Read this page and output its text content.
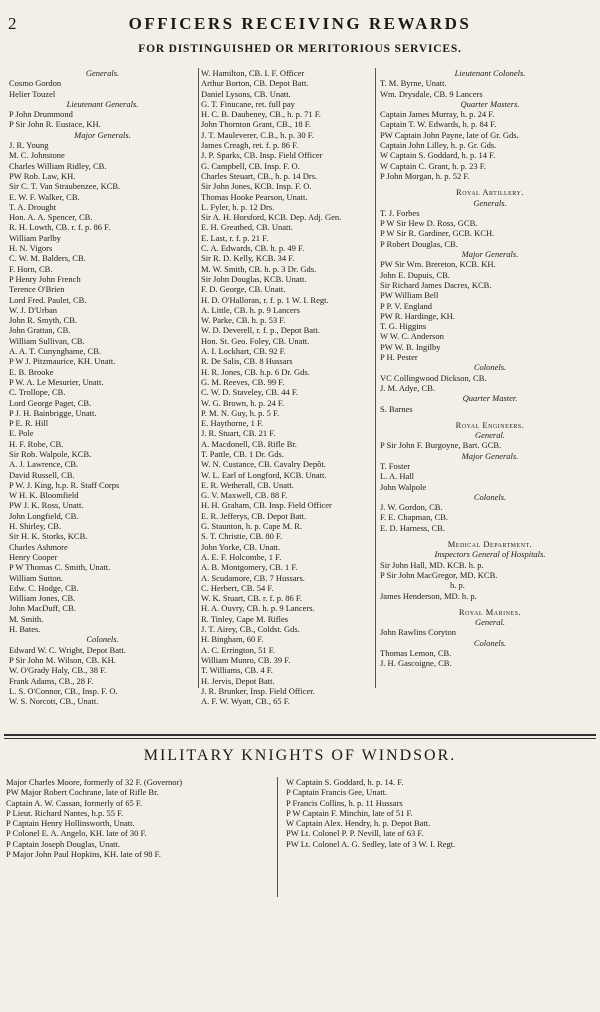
2	OFFICERS RECEIVING REWARDS
FOR DISTINGUISHED OR MERITORIOUS SERVICES.
Generals.
Cosmo Gordon
Helier Touzel
Lieutenant Generals.
P John Drummond
P Sir John R. Eustace, KH.
Major Generals.
J. R. Young
M. C. Johnstone
Charles William Ridley, CB.
PW Rob. Law, KH.
Sir C. T. Van Straubenzee, KCB.
E. W. F. Walker, CB.
T. A. Drought
Hon. A. A. Spencer, CB.
R. H. Lowth, CB. r. f. p. 86 F.
William Parlby
H. N. Vigors
C. W. M. Balders, CB.
F. Horn, CB.
P Henry John French
Terence O'Brien
Lord Fred. Paulet, CB.
W. J. D'Urban
John R. Smyth, CB.
John Grattan, CB.
William Sullivan, CB.
A. A. T. Cunynghame, CB.
P W J. Pitzmaurice, KH. Unatt.
E. B. Brooke
P W. A. Le Mesurier, Unatt.
C. Trollope, CB.
Lord George Paget, CB.
P J. H. Bainbrigge, Unatt.
P E. R. Hill
E. Pole
H. F. Robe, CB.
Sir Rob. Walpole, KCB.
A. J. Lawrence, CB.
David Russell, CB.
P W. J. King, h.p. R. Staff Corps
W H. K. Bloomfield
PW J. K. Ross, Unatt.
John Longfield, CB.
H. Shirley, CB.
Sir H. K. Storks, KCB.
Charles Ashmore
Henry Cooper
P W Thomas C. Smith, Unatt.
William Sutton.
Edw. C. Hodge, CB.
William Jones, CB.
John MacDuff, CB.
M. Smith.
H. Bates.
Colonels.
Edward W. C. Wright, Depot Batt.
P Sir John M. Wilson, CB. KH.
W. O'Grady Haly, CB., 38 F.
Frank Adams, CB., 28 F.
L. S. O'Connor, CB., Insp. F. O.
W. S. Norcott, CB., Unatt.
W. Hamilton, CB. I. F. Officer
Arthur Borton, CB. Depot Batt.
Daniel Lysons, CB. Unatt.
G. T. Finucane, ret. full pay
H. C. B. Daubeney, CB., h. p. 71 F.
John Thornton Grant, CB., 18 F.
J. T. Mauleverer, C.B., h. p. 30 F.
James Creagh, ret. f. p. 86 F.
J. P. Sparks, CB. Insp. Field Officer
G. Campbell, CB. Insp. F. O.
Charles Steuart, CB., h. p. 14 Drs.
Sir John Jones, KCB. Insp. F. O.
Thomas Hooke Pearson, Unatt.
L. Fyler, h. p. 12 Drs.
Sir A. H. Horsford, KCB. Dep. Adj. Gen.
E. H. Greathed, CB. Unatt.
E. Last, r. f. p. 21 F.
C. A. Edwards, CB. h. p. 49 F.
Sir R. D. Kelly, KCB. 34 F.
M. W. Smith, CB. h. p. 3 Dr. Gds.
Sir John Douglas, KCB. Unatt.
F. D. George, CB. Unatt.
H. D. O'Halloran, r. f. p. 1 W. I. Regt.
A. Little, CB. h. p. 9 Lancers
W. Parke, CB. h. p. 53 F.
W. D. Deverell, r. f. p., Depot Batt.
Hon. St. Geo. Foley, CB. Unatt.
A. I. Lockhart, CB. 92 F.
R. De Salis, CB. 8 Hussars
H. R. Jones, CB. h.p. 6 Dr. Gds.
G. M. Reeves, CB. 99 F.
C. W. D. Staveley, CB. 44 F.
W. G. Brown, h. p. 24 F.
P. M. N. Guy, h. p. 5 F.
E. Haythorne, 1 F.
J. R. Stuart, CB. 21 F.
A. Macdonell, CB. Rifle Br.
T. Pattle, CB. 1 Dr. Gds.
W. N. Custance, CB. Cavalry Depôt.
W. L. Earl of Longford, KCB. Unatt.
E. R. Wetherall, CB. Unatt.
G. V. Maxwell, CB. 88 F.
H. H. Graham, CB. Insp. Field Officer
E. R. Jefferys, CB. Depot Batt.
G. Staunton, h. p. Cape M. R.
S. T. Christie, CB. 80 F.
John Yorke, CB. Unatt.
A. E. F. Holcombe, 1 F.
A. B. Montgomery, CB. 1 F.
A. Scudamore, CB. 7 Hussars.
C. Herbert, CB. 54 F.
W. K. Stuart, CB. r. f. p. 86 F.
H. A. Ouvry, CB. h. p. 9 Lancers.
R. Tinley, Cape M. Rifles
J. T. Airey, CB., Coldst. Gds.
H. Bingham, 60 F.
A. C. Errington, 51 F.
William Munro, CB. 39 F.
T. Williams, CB. 4 F.
H. Jervis, Depot Batt.
J. R. Brunker, Insp. Field Officer.
A. F. W. Wyatt, CB., 65 F.
Lieutenant Colonels.
T. M. Byrne, Unatt.
Wm. Drysdale, CB. 9 Lancers
Quarter Masters.
Captain James Murray, h. p. 24 F.
Captain T. W. Edwards, h. p. 84 F.
PW Captain John Payne, late of Gr. Gds.
Captain John Lilley, h. p. Gr. Gds.
W Captain S. Goddard, h. p. 14 F.
W Captain C. Grant, h. p. 23 F.
P John Morgan, h. p. 52 F.
Royal Artillery.
Generals.
T. J. Forbes
P W Sir Hew D. Ross, GCB.
P W Sir R. Gardiner, GCB. KCH.
P Robert Douglas, CB.
Major Generals.
PW Sir Wm. Brereton, KCB. KH.
John E. Dupuis, CB.
Sir Richard James Dacres, KCB.
PW William Bell
P P. V. England
PW R. Hardinge, KH.
T. G. Higgins
W W. C. Anderson
PW W. B. Ingilby
P H. Pester
Colonels.
VC Collingwood Dickson, CB.
J. M. Adye, CB.
Quarter Master.
S. Barnes
Royal Engineers.
General.
P Sir John F. Burgoyne, Bart. GCB.
Major Generals.
T. Foster
L. A. Hall
John Walpole
Colonels.
J. W. Gordon, CB.
F. E. Chapman, CB.
E. D. Harness, CB.
Medical Department.
Inspectors General of Hospitals.
Sir John Hall, MD. KCB. h. p.
P Sir John MacGregor, MD. KCB.
h. p.
James Henderson, MD. h. p.
Royal Marines.
General.
John Rawlins Coryton
Colonels.
Thomas Lemon, CB.
J. H. Gascoigne, CB.
MILITARY KNIGHTS OF WINDSOR.
Major Charles Moore, formerly of 32 F. (Governor)
PW Major Robert Cochrane, late of Rifle Br.
Captain A. W. Cassan, formerly of 65 F.
P Lieut. Richard Nantes, h.p. 55 F.
P Captain Henry Hollinsworth, Unatt.
P Colonel E. A. Angelo, KH. late of 30 F.
P Captain Joseph Douglas, Unatt.
P Major John Paul Hopkins, KH. late of 98 F.
W Captain S. Goddard, h. p. 14. F.
P Captain Francis Gee, Unatt.
P Francis Collins, h. p. 11 Hussars
P W Captain F. Minchin, late of 51 F.
W Captain Alex. Hendry, h. p. Depot Batt.
PW Lt. Colonel P. P. Nevill, late of 63 F.
PW Lt. Colonel A. G. Sedley, late of 3 W. I. Regt.
